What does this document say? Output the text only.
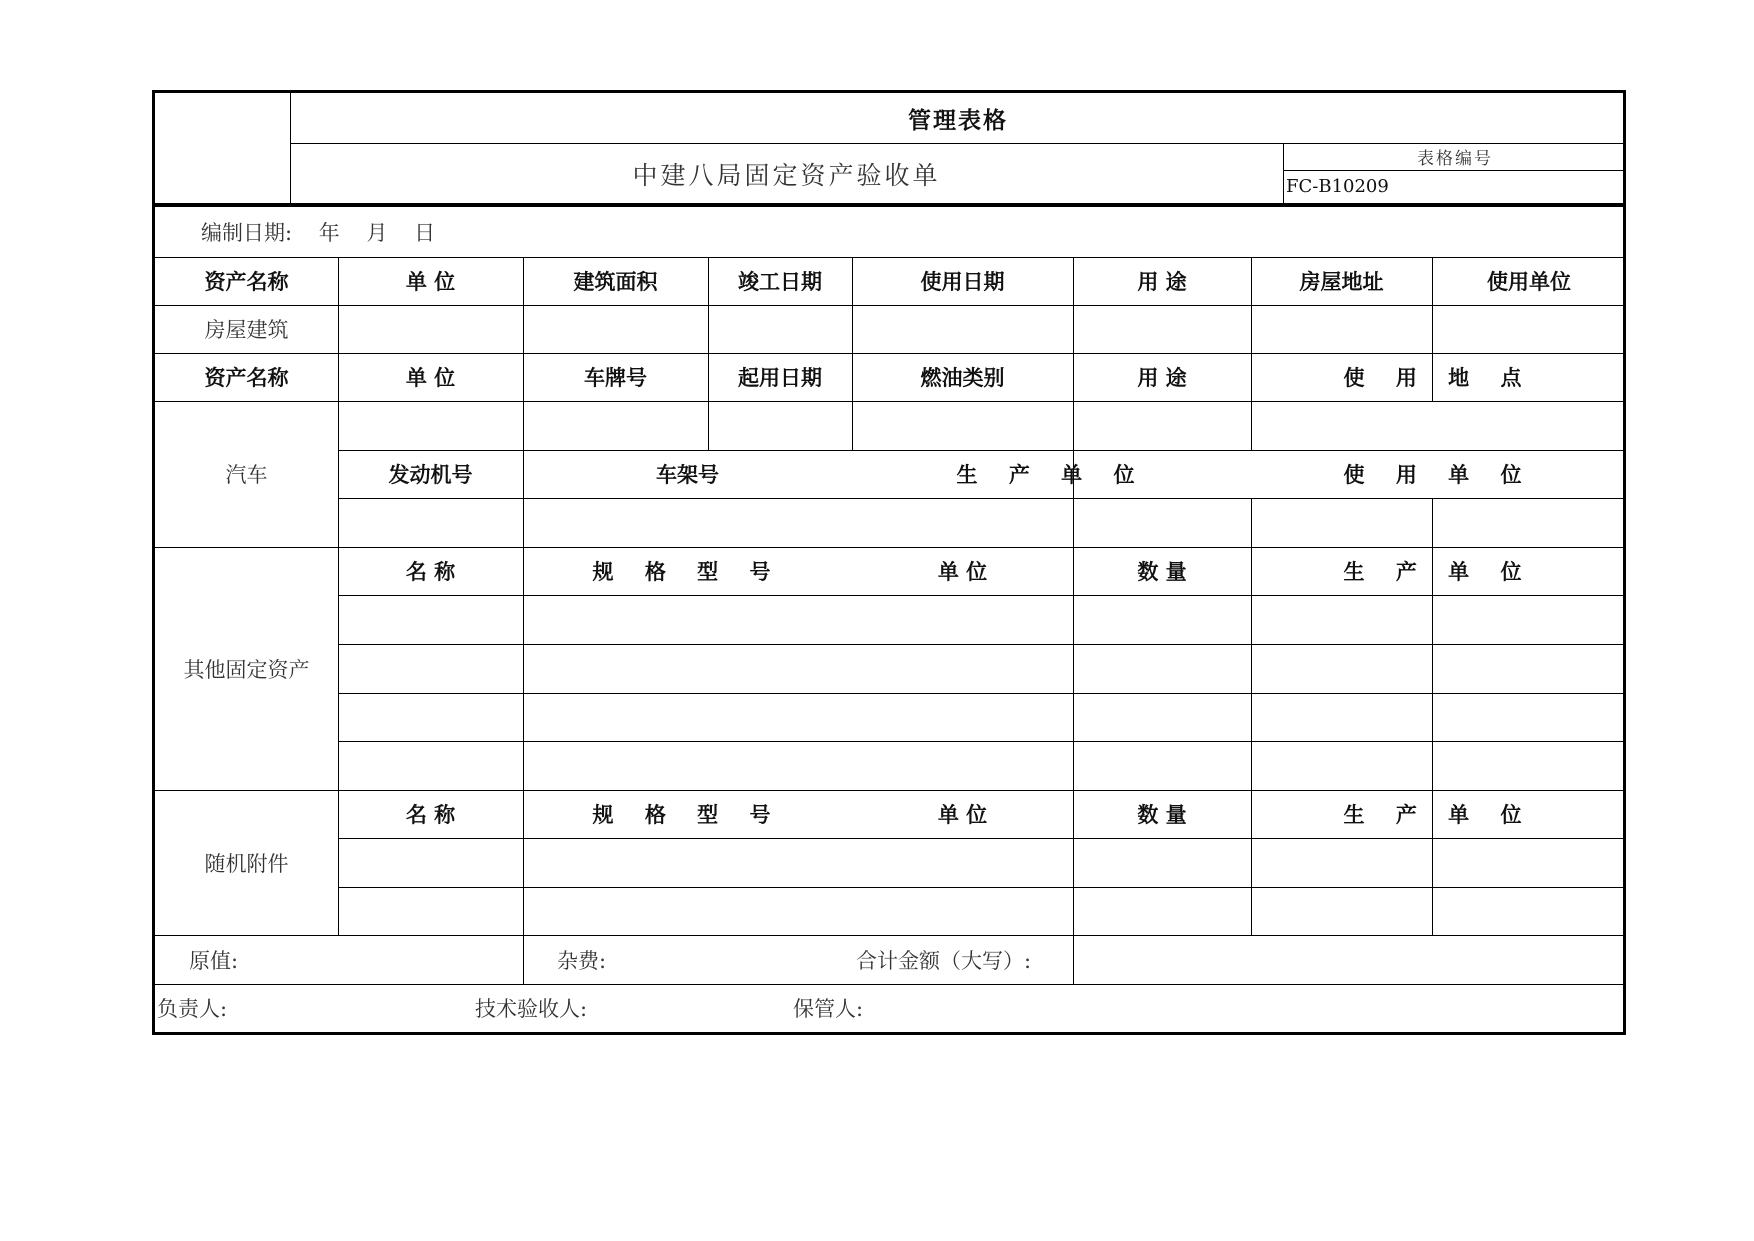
管理表格
中建八局固定资产验收单
表格编号
FC-B10209
编制日期:    年    月    日
资产名称	单 位	建筑面积	竣工日期	使用日期	用 途	房屋地址	使用单位
房屋建筑
资产名称	单 位	车牌号	起用日期	燃油类别	用 途	使 用 地 点
汽车	发动机号	车架号	生 产 单 位	使 用 单 位
其他固定资产
名 称	规 格 型 号	单 位	数 量	生 产 单 位
随机附件
名 称	规 格 型 号	单 位	数 量	生 产 单 位
原值:	杂费:	合计金额（大写）:
负责人:	技术验收人:	保管人:
